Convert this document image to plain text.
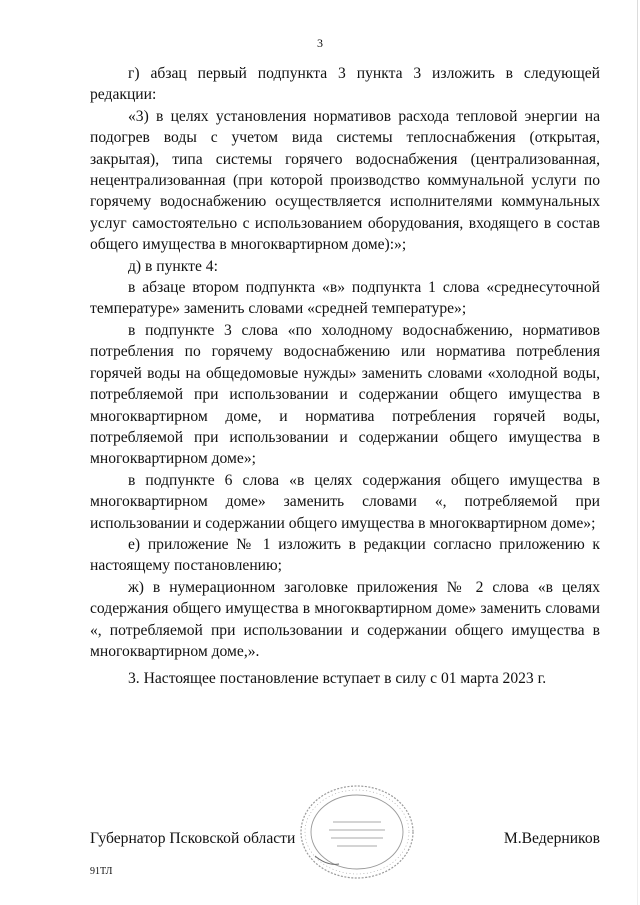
3

г) абзац первый подпункта 3 пункта 3 изложить в следующей редакции:

«3) в целях установления нормативов расхода тепловой энергии на подогрев воды с учетом вида системы теплоснабжения (открытая, закрытая), типа системы горячего водоснабжения (централизованная, нецентрализованная (при которой производство коммунальной услуги по горячему водоснабжению осуществляется исполнителями коммунальных услуг самостоятельно с использованием оборудования, входящего в состав общего имущества в многоквартирном доме):»;

д) в пункте 4:

в абзаце втором подпункта «в» подпункта 1 слова «среднесуточной температуре» заменить словами «средней температуре»;

в подпункте 3 слова «по холодному водоснабжению, нормативов потребления по горячему водоснабжению или норматива потребления горячей воды на общедомовые нужды» заменить словами «холодной воды, потребляемой при использовании и содержании общего имущества в многоквартирном доме, и норматива потребления горячей воды, потребляемой при использовании и содержании общего имущества в многоквартирном доме»;

в подпункте 6 слова «в целях содержания общего имущества в многоквартирном доме» заменить словами «, потребляемой при использовании и содержании общего имущества в многоквартирном доме»;

е) приложение № 1 изложить в редакции согласно приложению к настоящему постановлению;

ж) в нумерационном заголовке приложения № 2 слова «в целях содержания общего имущества в многоквартирном доме» заменить словами «, потребляемой при использовании и содержании общего имущества в многоквартирном доме,».

3. Настоящее постановление вступает в силу с 01 марта 2023 г.

Губернатор Псковской области	М.Ведерников
91ТЛ
